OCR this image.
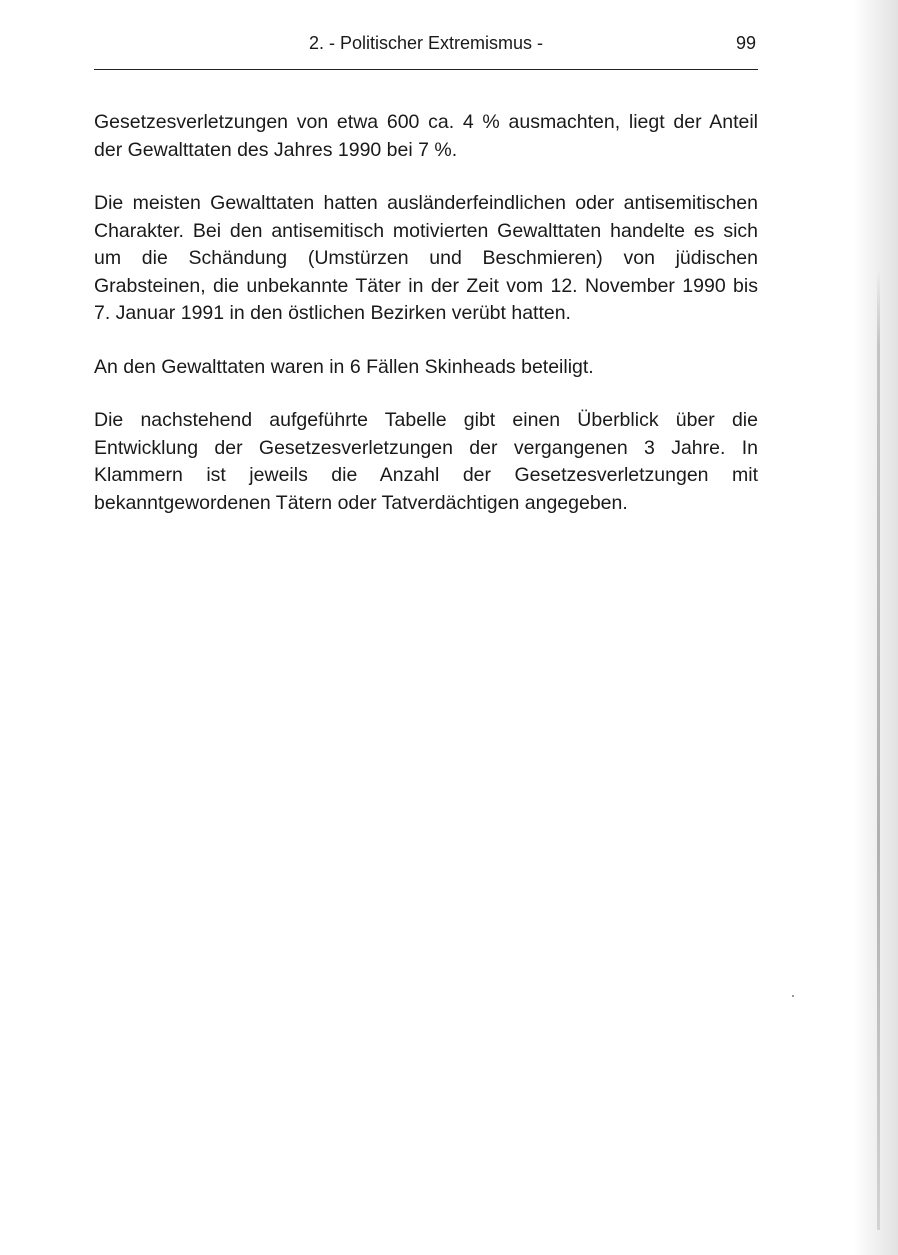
2. - Politischer Extremismus -	99

Gesetzesverletzungen von etwa 600 ca. 4 % ausmachten, liegt der Anteil der Gewalttaten des Jahres 1990 bei 7 %.

Die meisten Gewalttaten hatten ausländerfeindlichen oder antisemitischen Charakter. Bei den antisemitisch motivierten Gewalttaten handelte es sich um die Schändung (Umstürzen und Beschmieren) von jüdischen Grabsteinen, die unbekannte Täter in der Zeit vom 12. November 1990 bis 7. Januar 1991 in den östlichen Bezirken verübt hatten.

An den Gewalttaten waren in 6 Fällen Skinheads beteiligt.

Die nachstehend aufgeführte Tabelle gibt einen Überblick über die Entwicklung der Gesetzesverletzungen der vergangenen 3 Jahre. In Klammern ist jeweils die Anzahl der Gesetzesverletzungen mit bekanntgewordenen Tätern oder Tatverdächtigen angegeben.
